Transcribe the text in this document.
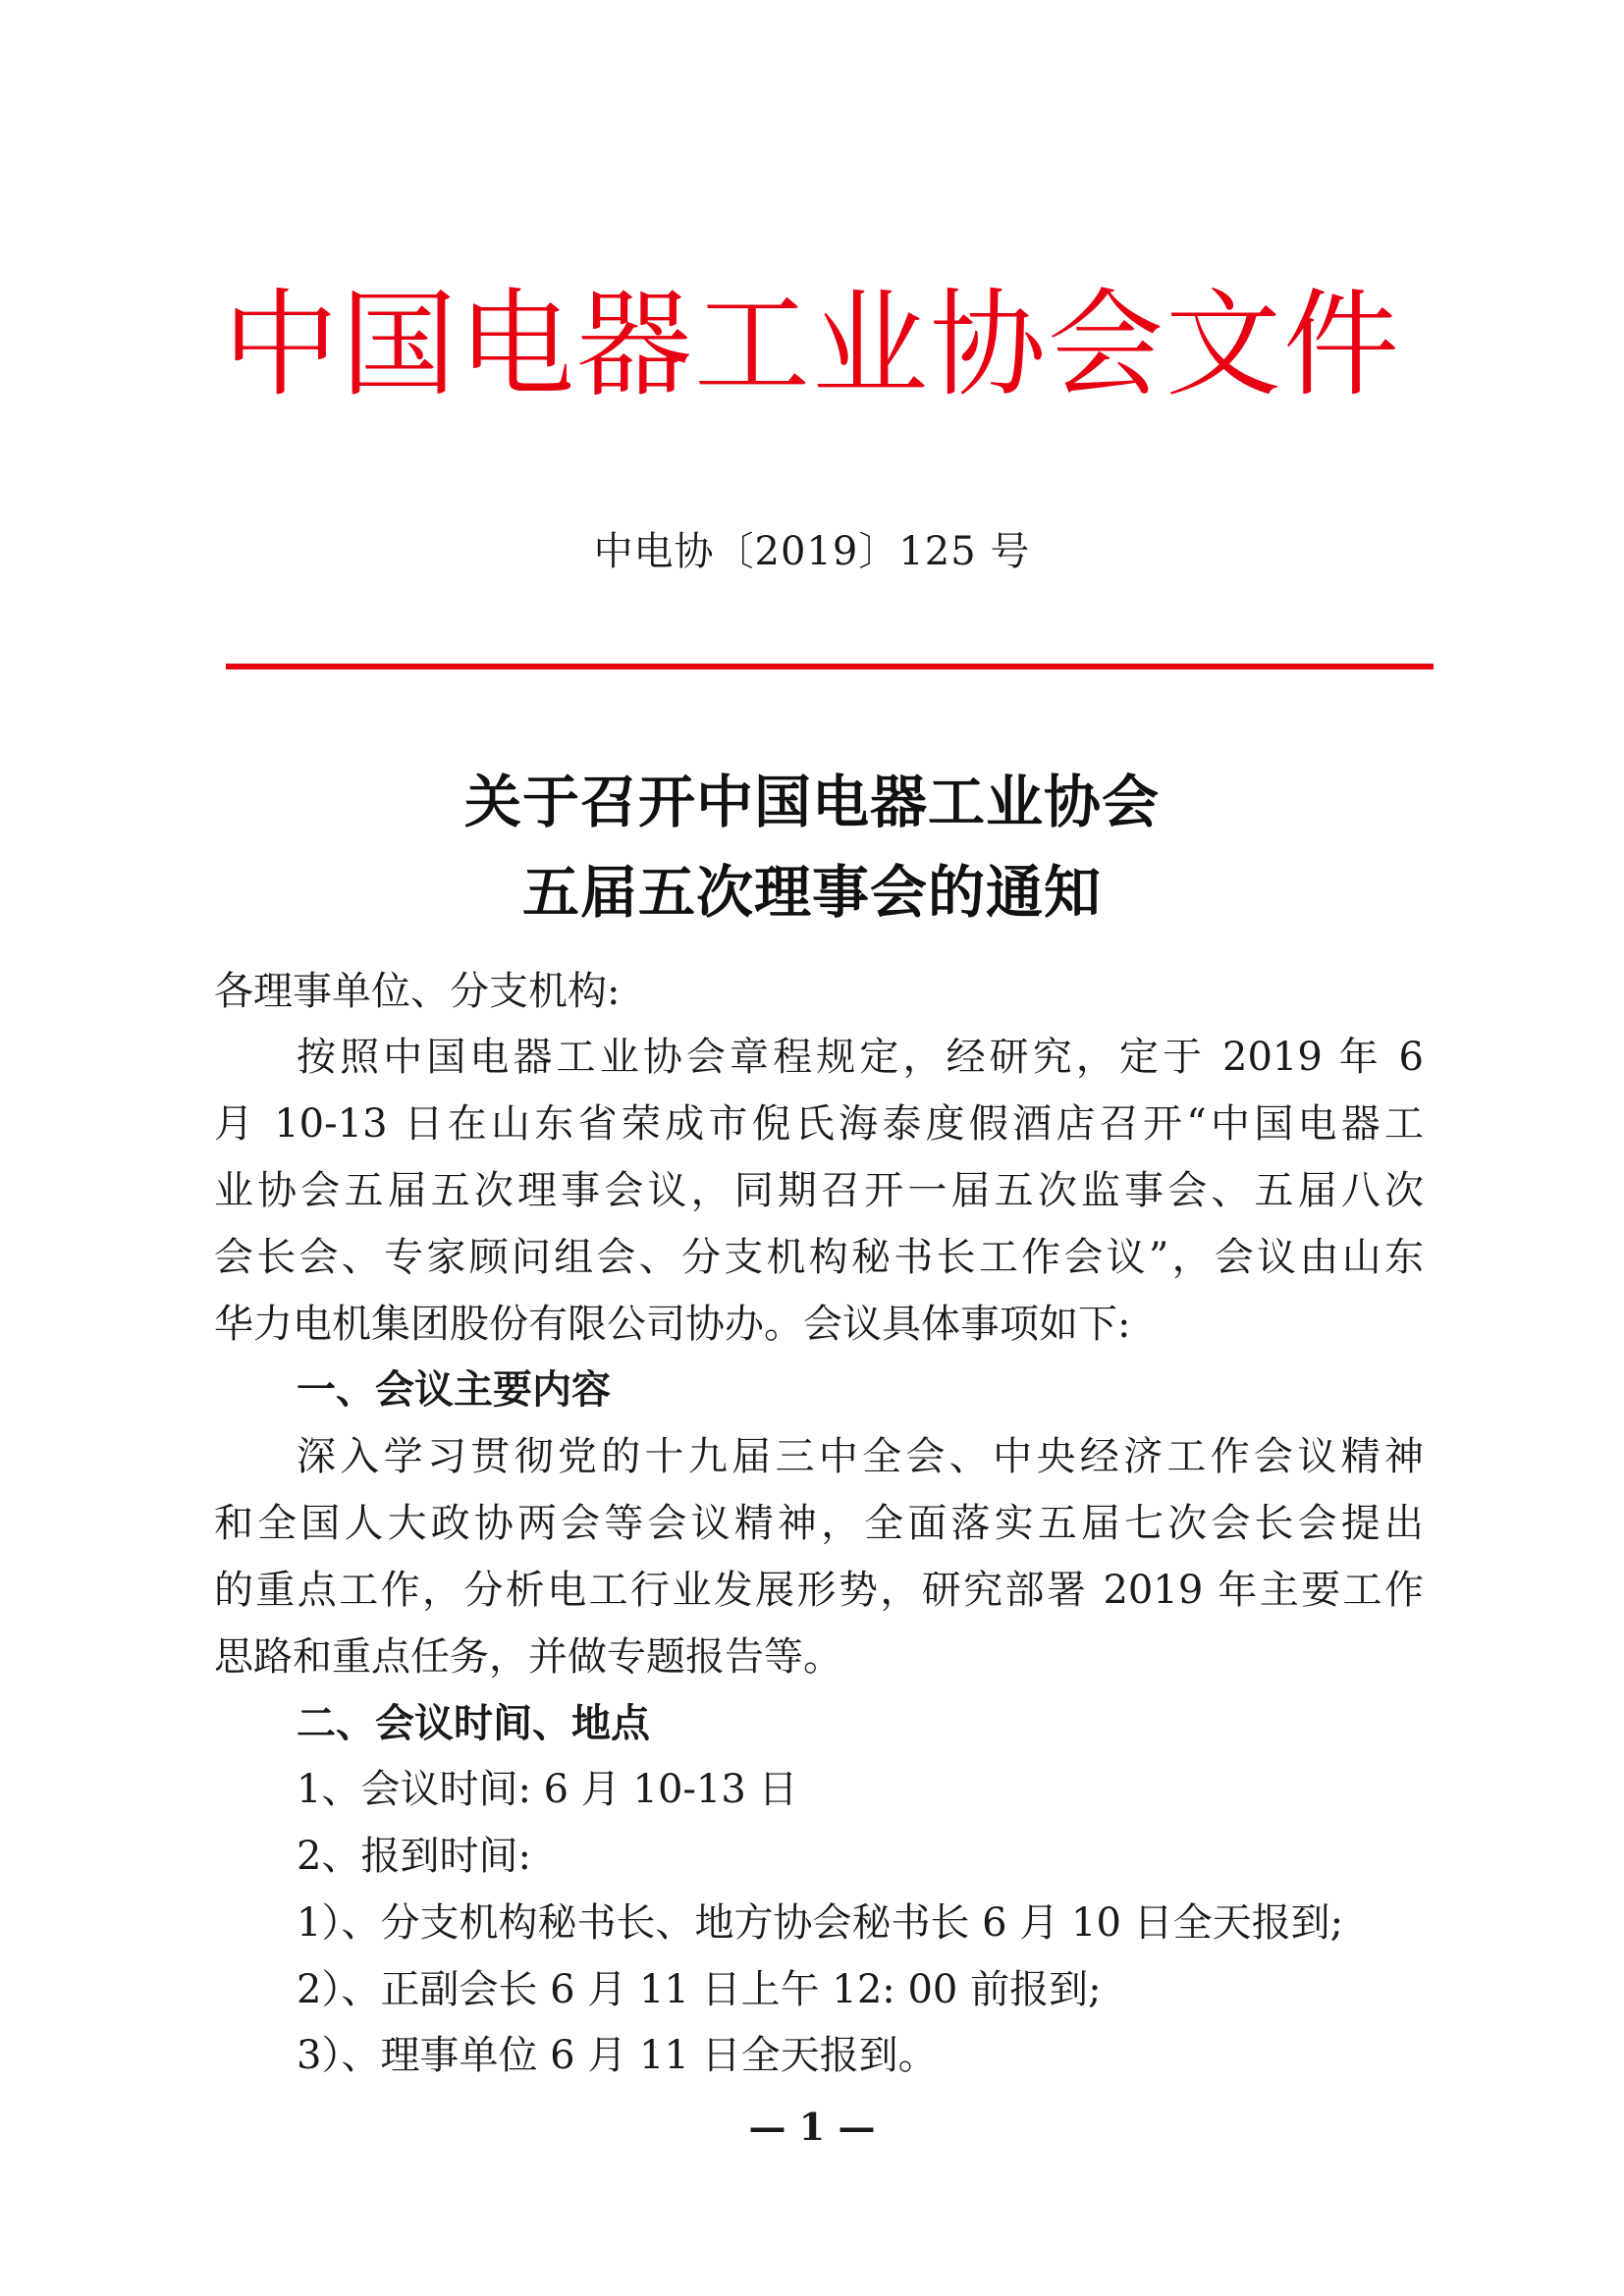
中国电器工业协会文件
中电协〔2019〕125 号
关于召开中国电器工业协会
五届五次理事会的通知
各理事单位、分支机构:
按照中国电器工业协会章程规定，经研究，定于 2019 年 6
月 10-13 日在山东省荣成市倪氏海泰度假酒店召开“中国电器工
业协会五届五次理事会议，同期召开一届五次监事会、五届八次
会长会、专家顾问组会、分支机构秘书长工作会议”，会议由山东
华力电机集团股份有限公司协办。会议具体事项如下:
一、会议主要内容
深入学习贯彻党的十九届三中全会、中央经济工作会议精神
和全国人大政协两会等会议精神，全面落实五届七次会长会提出
的重点工作，分析电工行业发展形势，研究部署 2019 年主要工作
思路和重点任务，并做专题报告等。
二、会议时间、地点
1、会议时间: 6 月 10-13 日
2、报到时间:
1）、分支机构秘书长、地方协会秘书长 6 月 10 日全天报到;
2）、正副会长 6 月 11 日上午 12: 00 前报到;
3）、理事单位 6 月 11 日全天报到。
— 1 —
